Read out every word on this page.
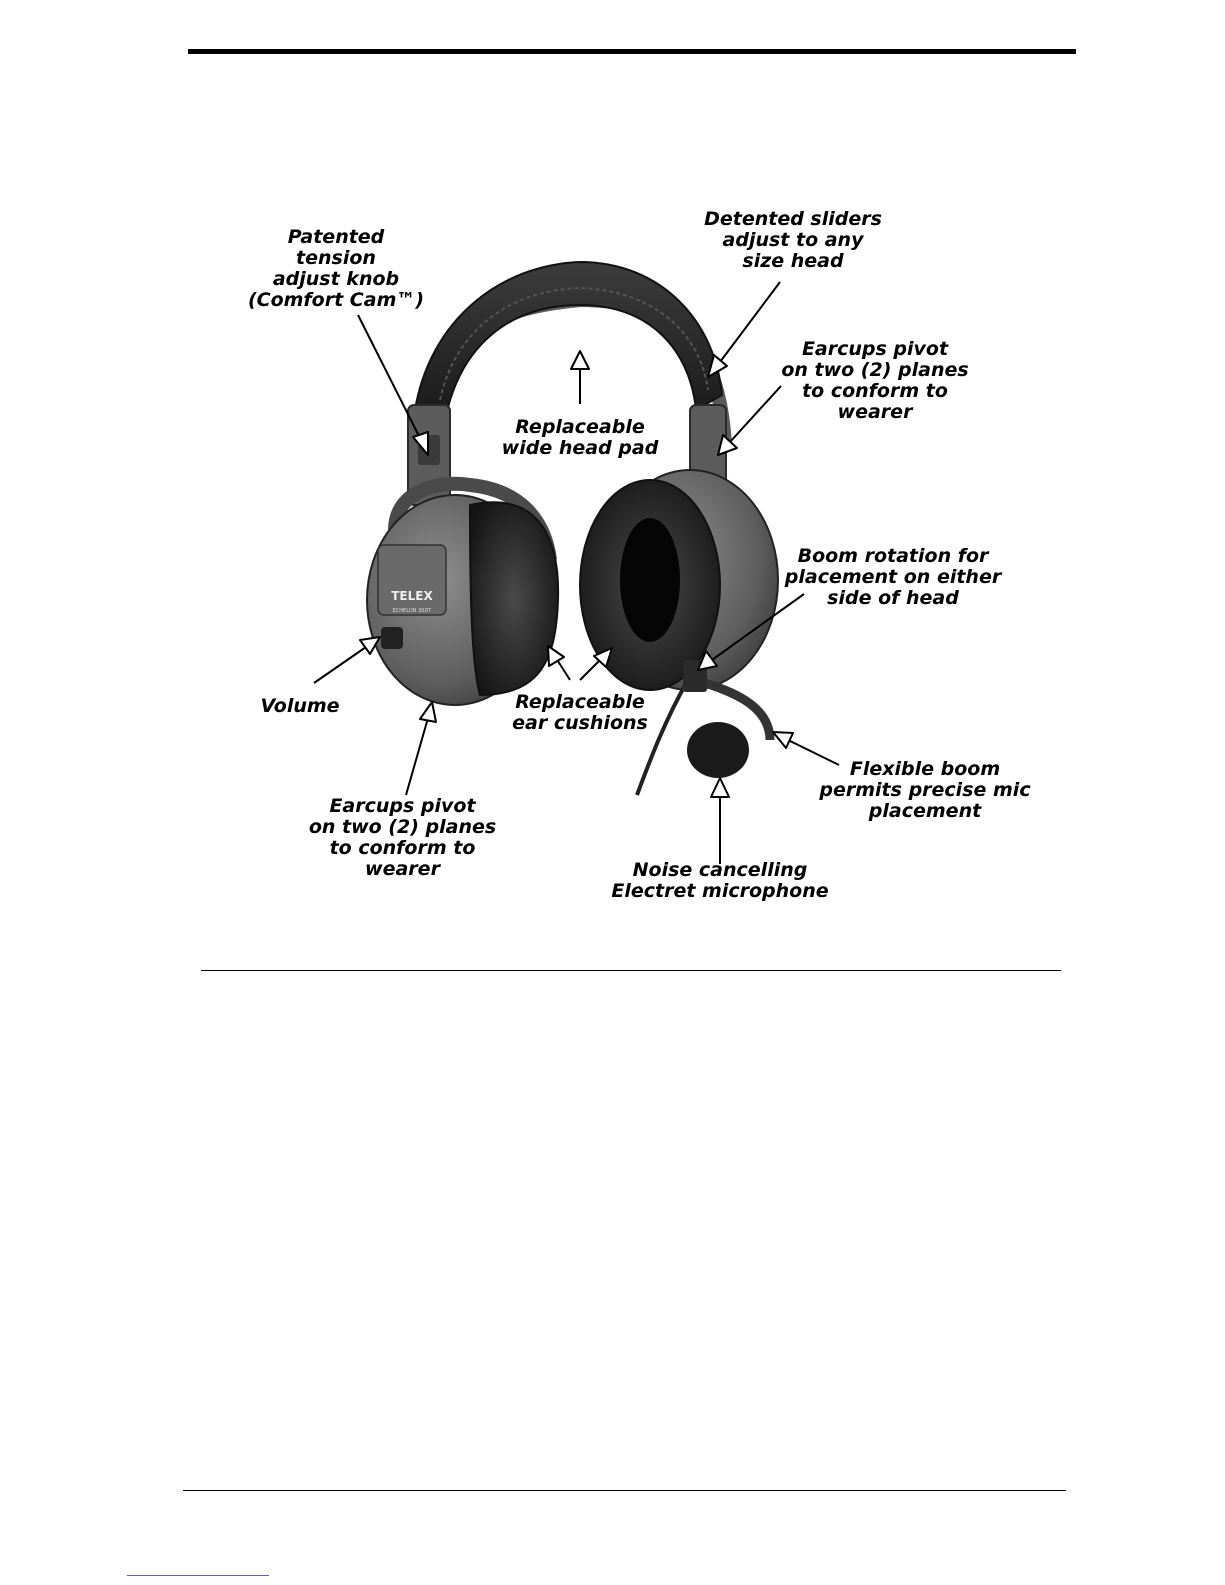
TELEX
ECHELON 30DT
Patented
tension
adjust knob
(Comfort Cam™)
Detented sliders
adjust to any
size head
Earcups pivot
on two (2) planes
to conform to
wearer
Replaceable
wide head pad
Boom rotation for
placement on either
side of head
Volume	Replaceable
ear cushions
Flexible boom
permits precise mic
placement
Earcups pivot
on two (2) planes
to conform to wearer	Noise cancelling
Electret microphone
